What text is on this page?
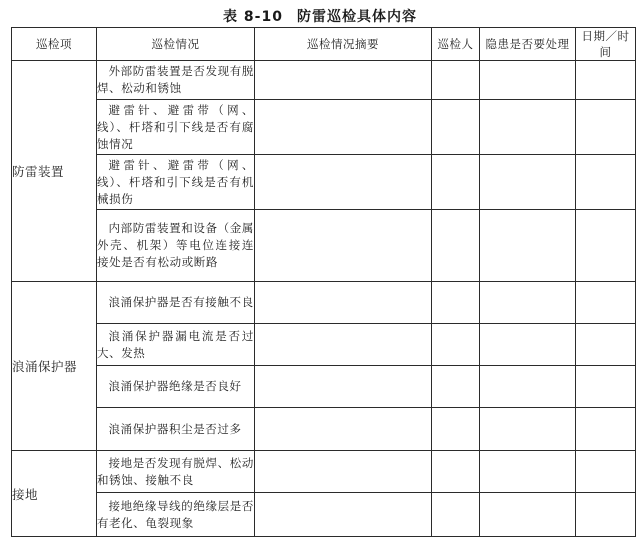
表 8-10 防雷巡检具体内容
巡检项	巡检情况	巡检情况摘要	巡检人	隐患是否要处理	日期／时间
防雷装置	外部防雷装置是否发现有脱焊、松动和锈蚀				

	避雷针、避雷带（网、线）、杆塔和引下线是否有腐蚀情况				

	避雷针、避雷带（网、线）、杆塔和引下线是否有机械损伤				

	内部防雷装置和设备（金属外壳、机架）等电位连接连接处是否有松动或断路				

浪涌保护器	浪涌保护器是否有接触不良				

	浪涌保护器漏电流是否过大、发热				

	浪涌保护器绝缘是否良好				

	浪涌保护器积尘是否过多				

接地	接地是否发现有脱焊、松动和锈蚀、接触不良				

	接地绝缘导线的绝缘层是否有老化、龟裂现象				
